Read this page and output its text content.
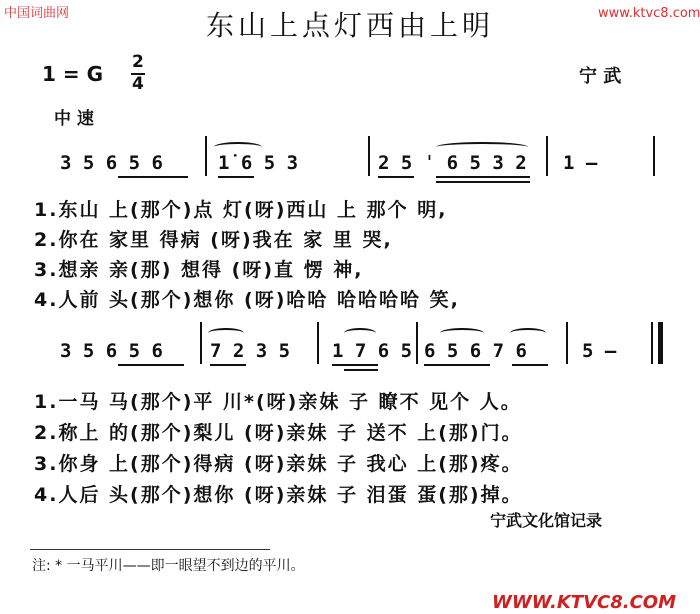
中国词曲网	www.ktvc8.com
WWW.KTVC8.COM
东山上点灯西由上明
1 = G 2
4	宁 武
中 速
3 5 6 5 6	1̇ 6 5 3	2 5 ˈ 6 5 3 2 1 —
1.东山 上(那个)点 灯(呀)西山 上 那个 明,
2.你在 家里 得病 (呀)我在 家 里 哭,
3.想亲 亲(那) 想得 (呀)直 愣 神,
4.人前 头(那个)想你 (呀)哈哈 哈哈哈哈 笑,
3 5 6 5 6 7 2 3 5 1 7 6 5 6 5 6 7 6	5 —
1.一马 马(那个)平 川*(呀)亲妹 子 瞭不 见个 人。
2.称上 的(那个)梨儿 (呀)亲妹 子 送不 上(那)门。
3.你身 上(那个)得病 (呀)亲妹 子 我心 上(那)疼。
4.人后 头(那个)想你 (呀)亲妹 子 泪蛋 蛋(那)掉。
宁武文化馆记录
注: * 一马平川——即一眼望不到边的平川。
